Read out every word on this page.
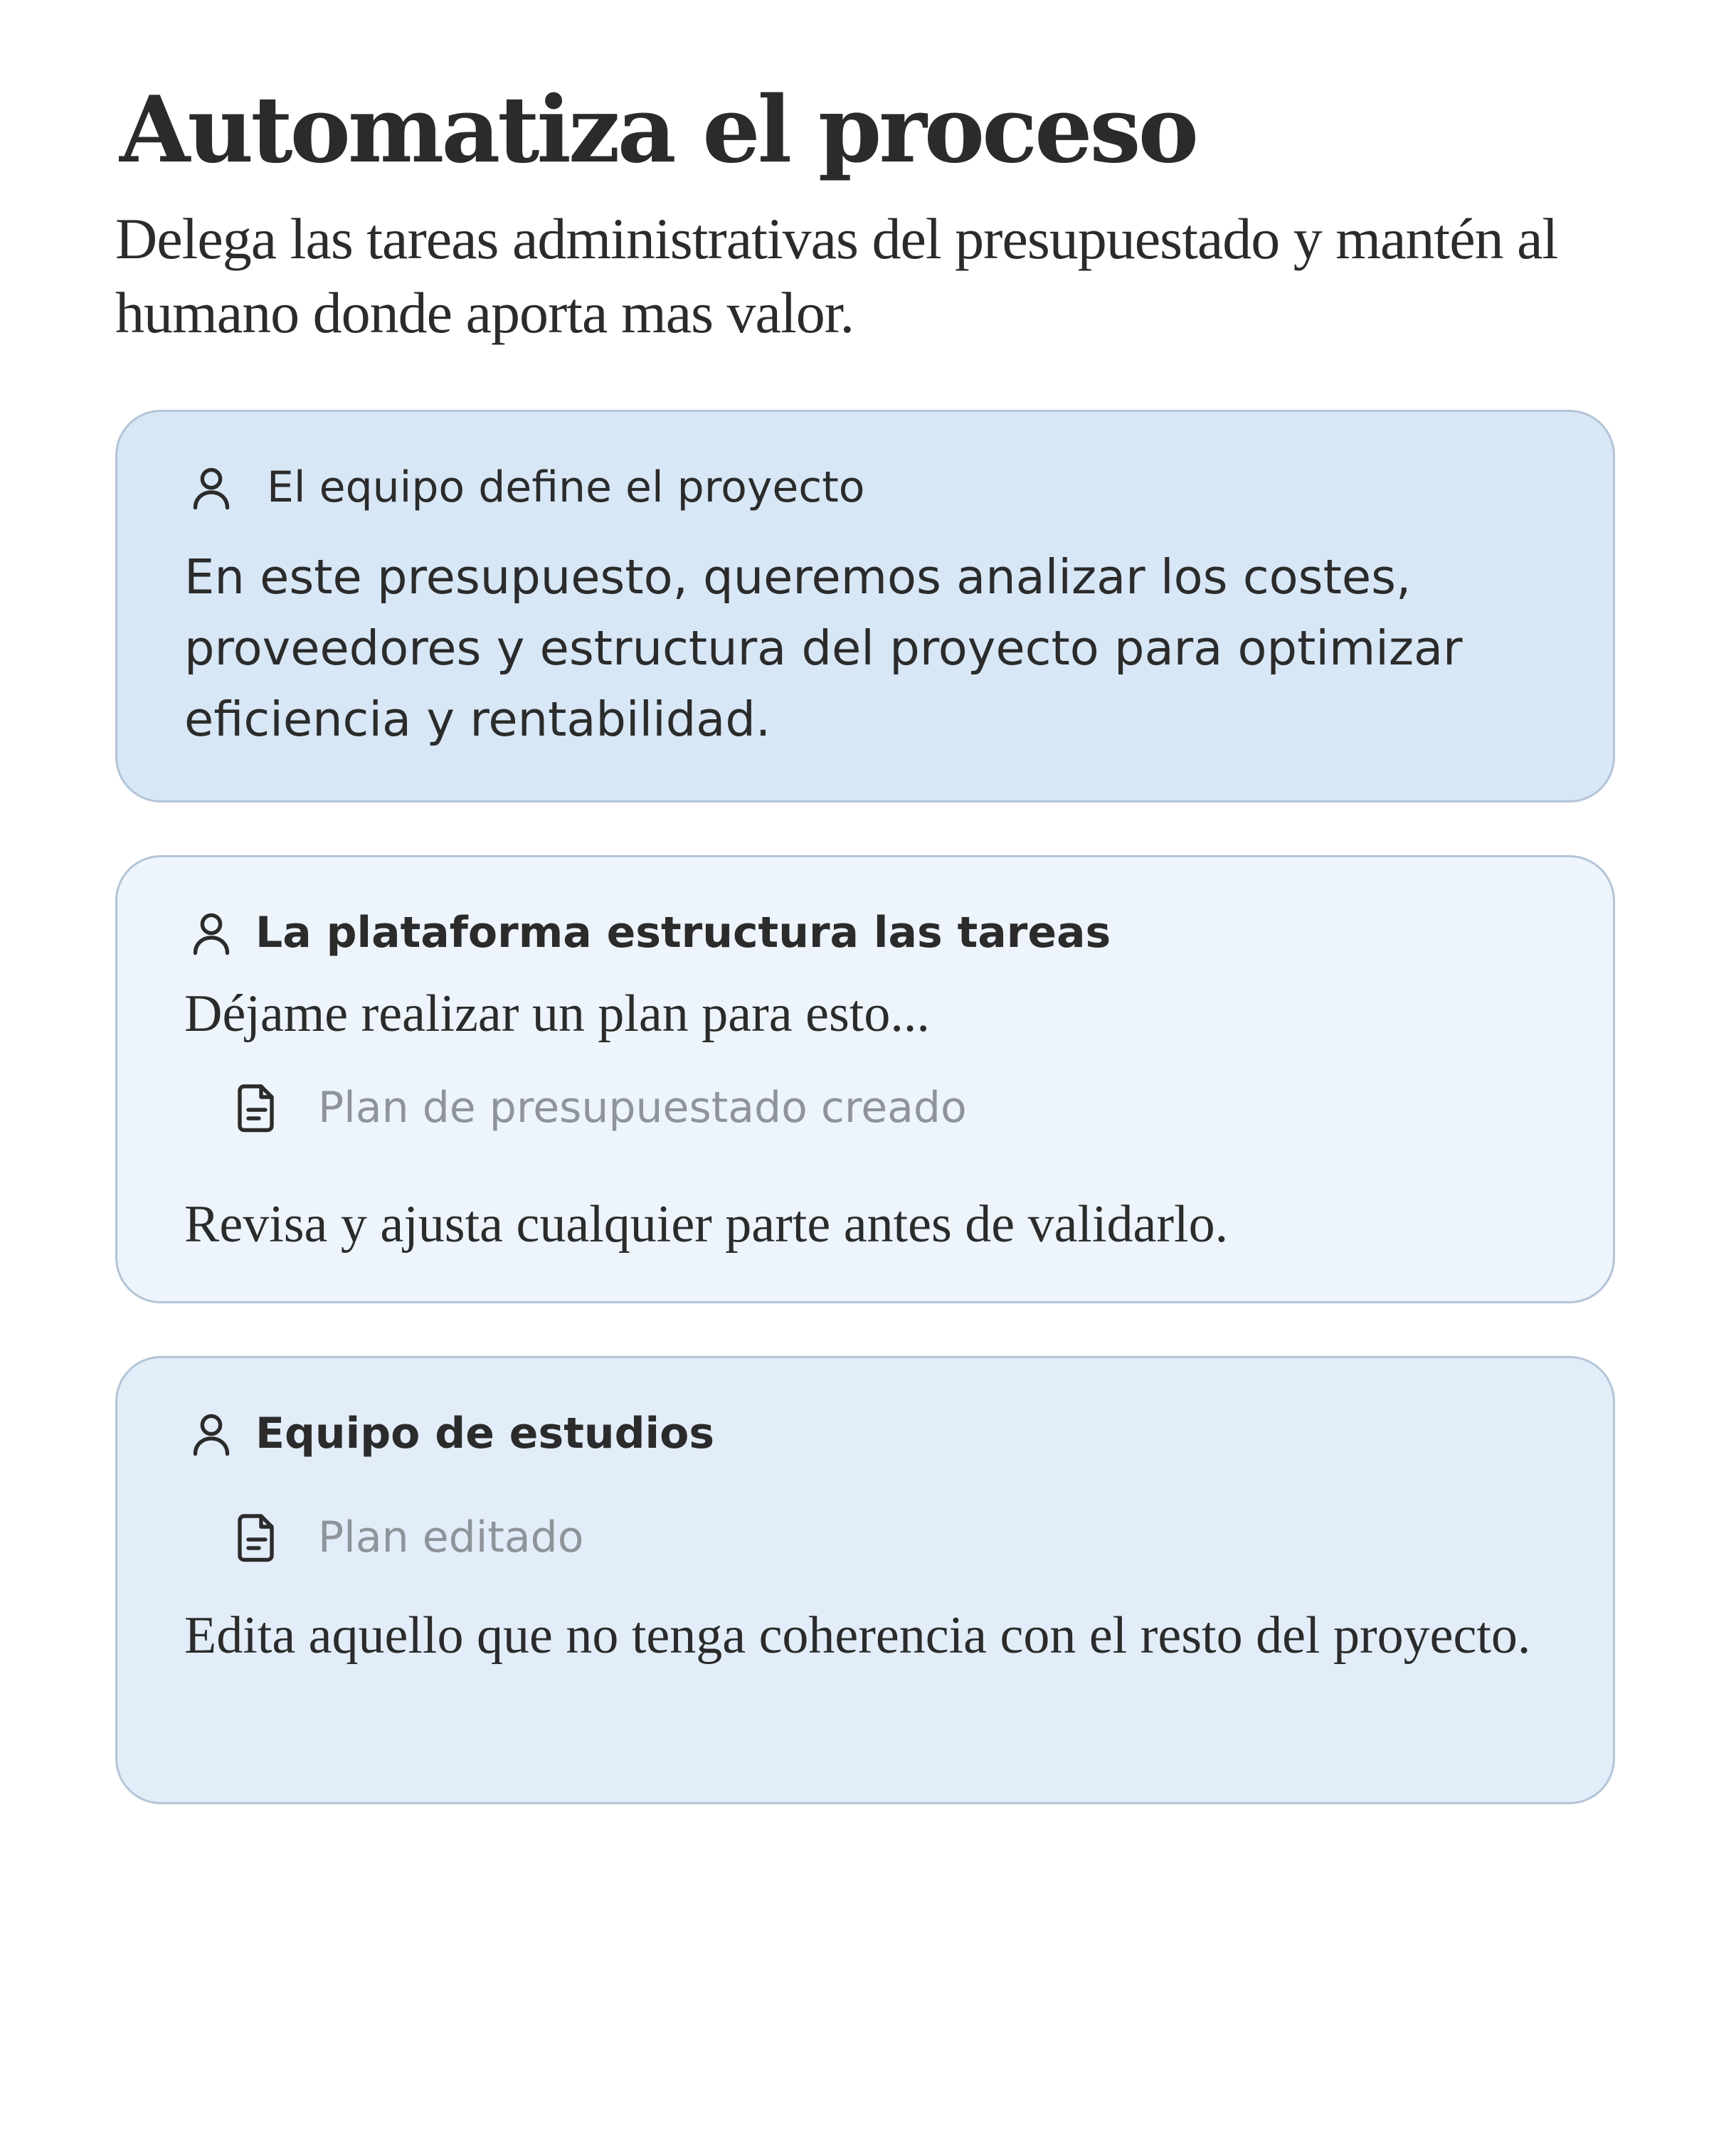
Automatiza el proceso

Delega las tareas administrativas del presupuestado y mantén al humano donde aporta mas valor.

El equipo define el proyecto

En este presupuesto, queremos analizar los costes, proveedores y estructura del proyecto para optimizar eficiencia y rentabilidad.

La plataforma estructura las tareas

Déjame realizar un plan para esto...

Plan de presupuestado creado

Revisa y ajusta cualquier parte antes de validarlo.

Equipo de estudios
Plan editado

Edita aquello que no tenga coherencia con el resto del proyecto.
